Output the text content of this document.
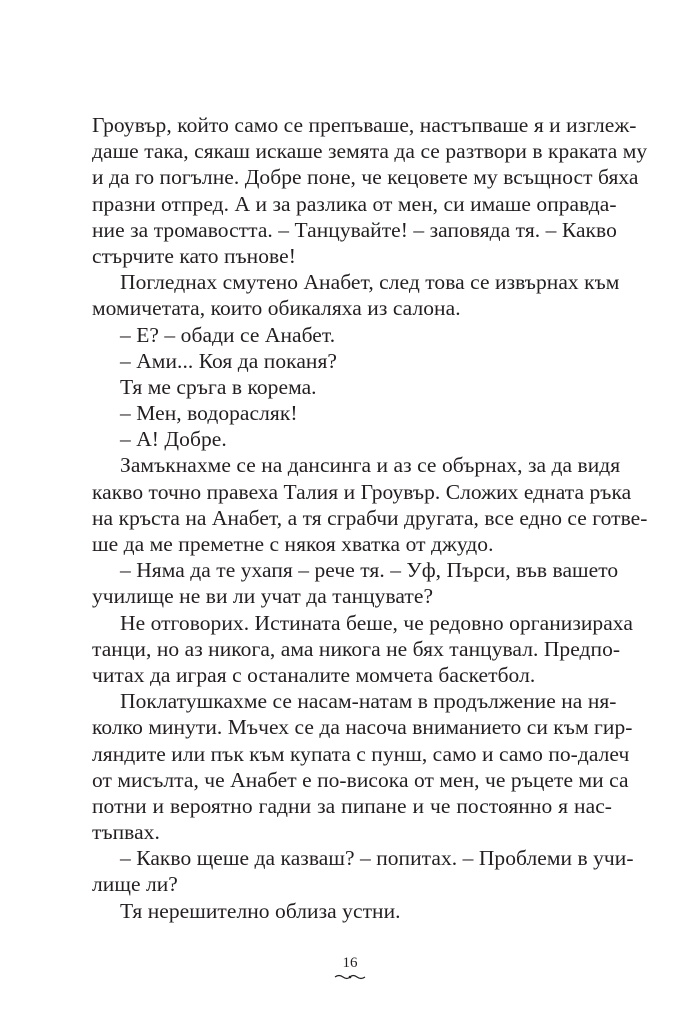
Гроувър, който само се препъваше, настъпваше я и изглеж-
даше така, сякаш искаше земята да се разтвори в краката му
и да го погълне. Добре поне, че кецовете му всъщност бяха
празни отпред. А и за разлика от мен, си имаше оправда-
ние за тромавостта. – Танцувайте! – заповяда тя. – Какво
стърчите като пънове!
Погледнах смутено Анабет, след това се извърнах към
момичетата, които обикаляха из салона.
– Е? – обади се Анабет.
– Ами... Коя да поканя?
Тя ме сръга в корема.
– Мен, водорасляк!
– А! Добре.
Замъкнахме се на дансинга и аз се обърнах, за да видя
какво точно правеха Талия и Гроувър. Сложих едната ръка
на кръста на Анабет, а тя сграбчи другата, все едно се готве-
ше да ме преметне с някоя хватка от джудо.
– Няма да те ухапя – рече тя. – Уф, Пърси, във вашето
училище не ви ли учат да танцувате?
Не отговорих. Истината беше, че редовно организираха
танци, но аз никога, ама никога не бях танцувал. Предпо-
читах да играя с останалите момчета баскетбол.
Поклатушкахме се насам-натам в продължение на ня-
колко минути. Мъчех се да насоча вниманието си към гир-
ляндите или пък към купата с пунш, само и само по-далеч
от мисълта, че Анабет е по-висока от мен, че ръцете ми са
потни и вероятно гадни за пипане и че постоянно я нас-
тъпвах.
– Какво щеше да казваш? – попитах. – Проблеми в учи-
лище ли?
Тя нерешително облиза устни.
16
